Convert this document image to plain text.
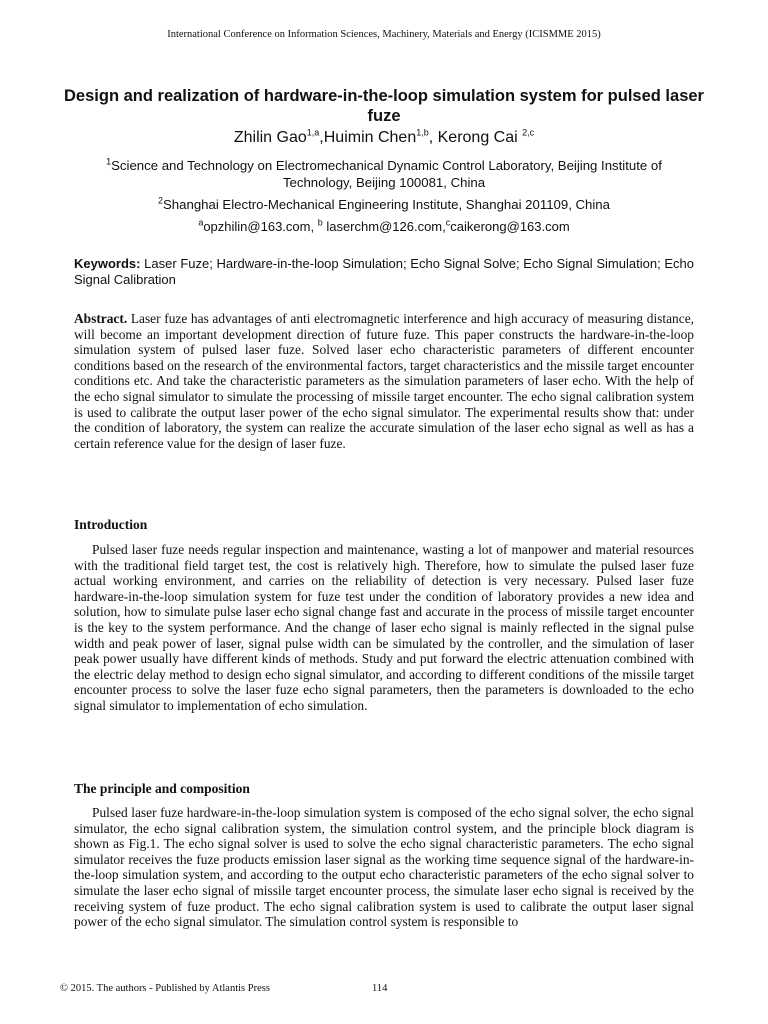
International Conference on Information Sciences, Machinery, Materials and Energy (ICISMME 2015)
Design and realization of hardware-in-the-loop simulation system for pulsed laser fuze
Zhilin Gao$^{1,a}$,Huimin Chen$^{1,b}$, Kerong Cai $^{2,c}$
$^1$Science and Technology on Electromechanical Dynamic Control Laboratory, Beijing Institute of Technology, Beijing 100081, China
$^2$Shanghai Electro-Mechanical Engineering Institute, Shanghai 201109, China
$^a$opzhilin@163.com, $^b$ laserchm@126.com,$^c$caikerong@163.com
Keywords: Laser Fuze; Hardware-in-the-loop Simulation; Echo Signal Solve; Echo Signal Simulation; Echo Signal Calibration
Abstract. Laser fuze has advantages of anti electromagnetic interference and high accuracy of measuring distance, will become an important development direction of future fuze. This paper constructs the hardware-in-the-loop simulation system of pulsed laser fuze. Solved laser echo characteristic parameters of different encounter conditions based on the research of the environmental factors, target characteristics and the missile target encounter conditions etc. And take the characteristic parameters as the simulation parameters of laser echo. With the help of the echo signal simulator to simulate the processing of missile target encounter. The echo signal calibration system is used to calibrate the output laser power of the echo signal simulator. The experimental results show that: under the condition of laboratory, the system can realize the accurate simulation of the laser echo signal as well as has a certain reference value for the design of laser fuze.
Introduction
Pulsed laser fuze needs regular inspection and maintenance, wasting a lot of manpower and material resources with the traditional field target test, the cost is relatively high. Therefore, how to simulate the pulsed laser fuze actual working environment, and carries on the reliability of detection is very necessary. Pulsed laser fuze hardware-in-the-loop simulation system for fuze test under the condition of laboratory provides a new idea and solution, how to simulate pulse laser echo signal change fast and accurate in the process of missile target encounter is the key to the system performance. And the change of laser echo signal is mainly reflected in the signal pulse width and peak power of laser, signal pulse width can be simulated by the controller, and the simulation of laser peak power usually have different kinds of methods. Study and put forward the electric attenuation combined with the electric delay method to design echo signal simulator, and according to different conditions of the missile target encounter process to solve the laser fuze echo signal parameters, then the parameters is downloaded to the echo signal simulator to implementation of echo simulation.
The principle and composition
Pulsed laser fuze hardware-in-the-loop simulation system is composed of the echo signal solver, the echo signal simulator, the echo signal calibration system, the simulation control system, and the principle block diagram is shown as Fig.1. The echo signal solver is used to solve the echo signal characteristic parameters. The echo signal simulator receives the fuze products emission laser signal as the working time sequence signal of the hardware-in-the-loop simulation system, and according to the output echo characteristic parameters of the echo signal solver to simulate the laser echo signal of missile target encounter process, the simulate laser echo signal is received by the receiving system of fuze product. The echo signal calibration system is used to calibrate the output laser signal power of the echo signal simulator. The simulation control system is responsible to
© 2015. The authors - Published by Atlantis Press	114
